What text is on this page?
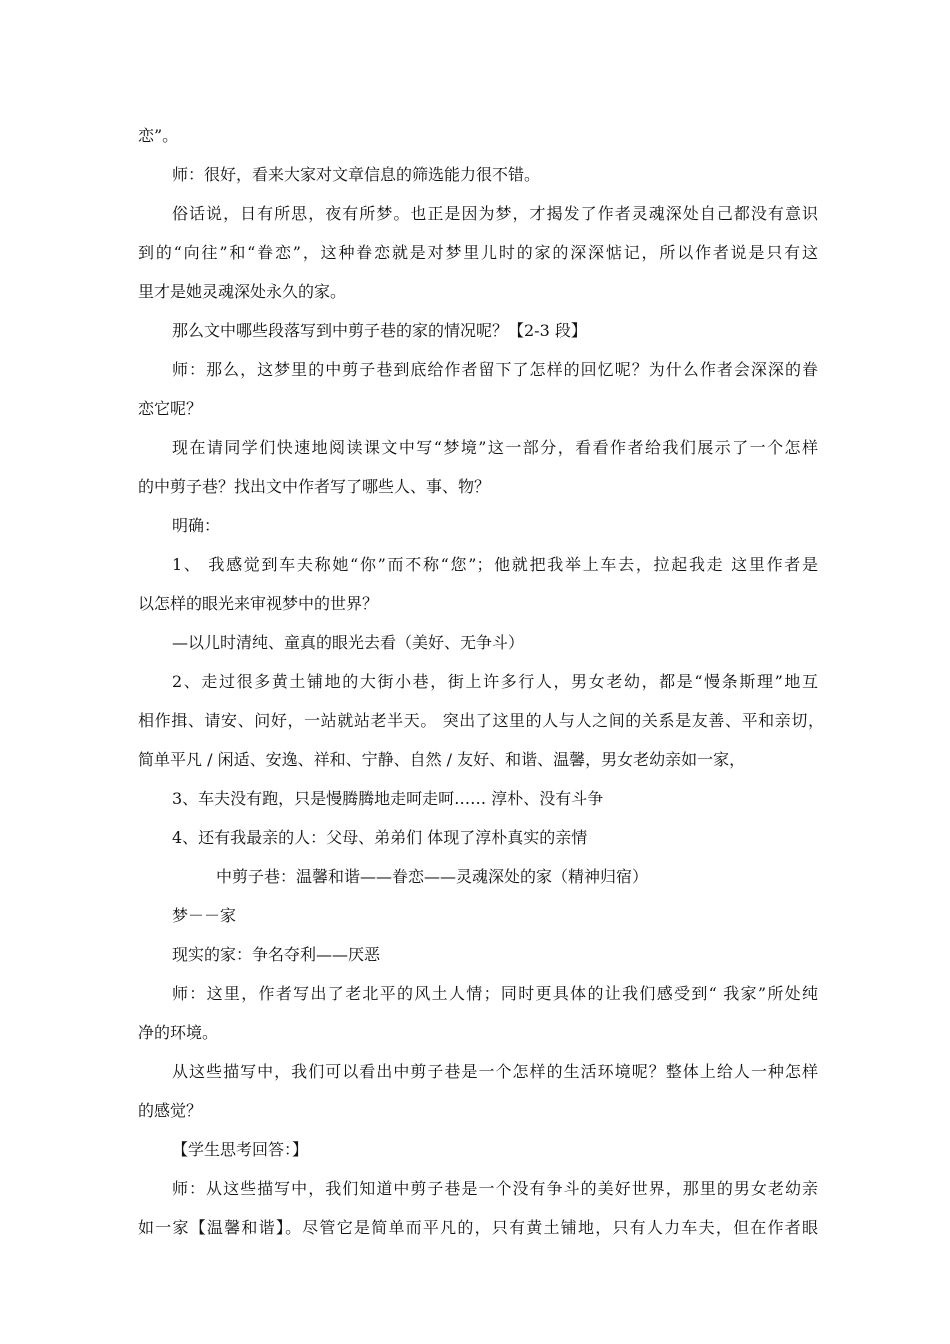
恋”。
师：很好，看来大家对文章信息的筛选能力很不错。
俗话说，日有所思，夜有所梦。也正是因为梦，才揭发了作者灵魂深处自己都没有意识
到的“向往”和“眷恋”，这种眷恋就是对梦里儿时的家的深深惦记，所以作者说是只有这
里才是她灵魂深处永久的家。
那么文中哪些段落写到中剪子巷的家的情况呢？【2-3 段】
师：那么，这梦里的中剪子巷到底给作者留下了怎样的回忆呢？为什么作者会深深的眷
恋它呢？
现在请同学们快速地阅读课文中写“梦境”这一部分，看看作者给我们展示了一个怎样
的中剪子巷？找出文中作者写了哪些人、事、物？
明确：
1、 我感觉到车夫称她“你”而不称“您”；他就把我举上车去，拉起我走 这里作者是
以怎样的眼光来审视梦中的世界？
—以儿时清纯、童真的眼光去看（美好、无争斗）
2、走过很多黄土铺地的大街小巷，街上许多行人，男女老幼，都是“慢条斯理”地互
相作揖、请安、问好，一站就站老半天。 突出了这里的人与人之间的关系是友善、平和亲切，
简单平凡 / 闲适、安逸、祥和、宁静、自然 / 友好、和谐、温馨，男女老幼亲如一家，
3、车夫没有跑，只是慢腾腾地走呵走呵…… 淳朴、没有斗争
4、还有我最亲的人：父母、弟弟们 体现了淳朴真实的亲情
中剪子巷：温馨和谐——眷恋——灵魂深处的家（精神归宿）
梦－－家
现实的家：争名夺利——厌恶
师：这里，作者写出了老北平的风土人情；同时更具体的让我们感受到“ 我家”所处纯
净的环境。
从这些描写中，我们可以看出中剪子巷是一个怎样的生活环境呢？整体上给人一种怎样
的感觉？
【学生思考回答：】
师：从这些描写中，我们知道中剪子巷是一个没有争斗的美好世界，那里的男女老幼亲
如一家【温馨和谐】。尽管它是简单而平凡的，只有黄土铺地，只有人力车夫，但在作者眼
